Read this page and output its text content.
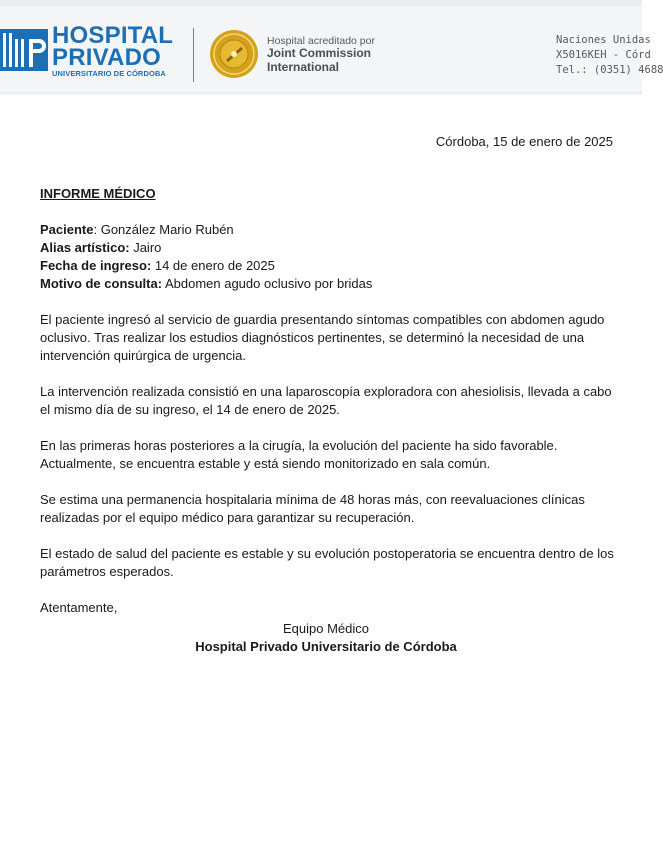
HOSPITAL
PRIVADO
UNIVERSITARIO DE CÓRDOBA
Hospital acreditado por
Joint Commission
International
Naciones Unidas
X5016KEH - Córd
Tel.: (0351) 4688
Córdoba, 15 de enero de 2025

INFORME MÉDICO

Paciente: González Mario Rubén

Alias artístico: Jairo

Fecha de ingreso: 14 de enero de 2025

Motivo de consulta: Abdomen agudo oclusivo por bridas

El paciente ingresó al servicio de guardia presentando síntomas compatibles con abdomen agudo oclusivo. Tras realizar los estudios diagnósticos pertinentes, se determinó la necesidad de una intervención quirúrgica de urgencia.

La intervención realizada consistió en una laparoscopía exploradora con ahesiolisis, llevada a cabo el mismo día de su ingreso, el 14 de enero de 2025.

En las primeras horas posteriores a la cirugía, la evolución del paciente ha sido favorable. Actualmente, se encuentra estable y está siendo monitorizado en sala común.

Se estima una permanencia hospitalaria mínima de 48 horas más, con reevaluaciones clínicas realizadas por el equipo médico para garantizar su recuperación.

El estado de salud del paciente es estable y su evolución postoperatoria se encuentra dentro de los parámetros esperados.

Atentamente,

Equipo Médico
Hospital Privado Universitario de Córdoba
